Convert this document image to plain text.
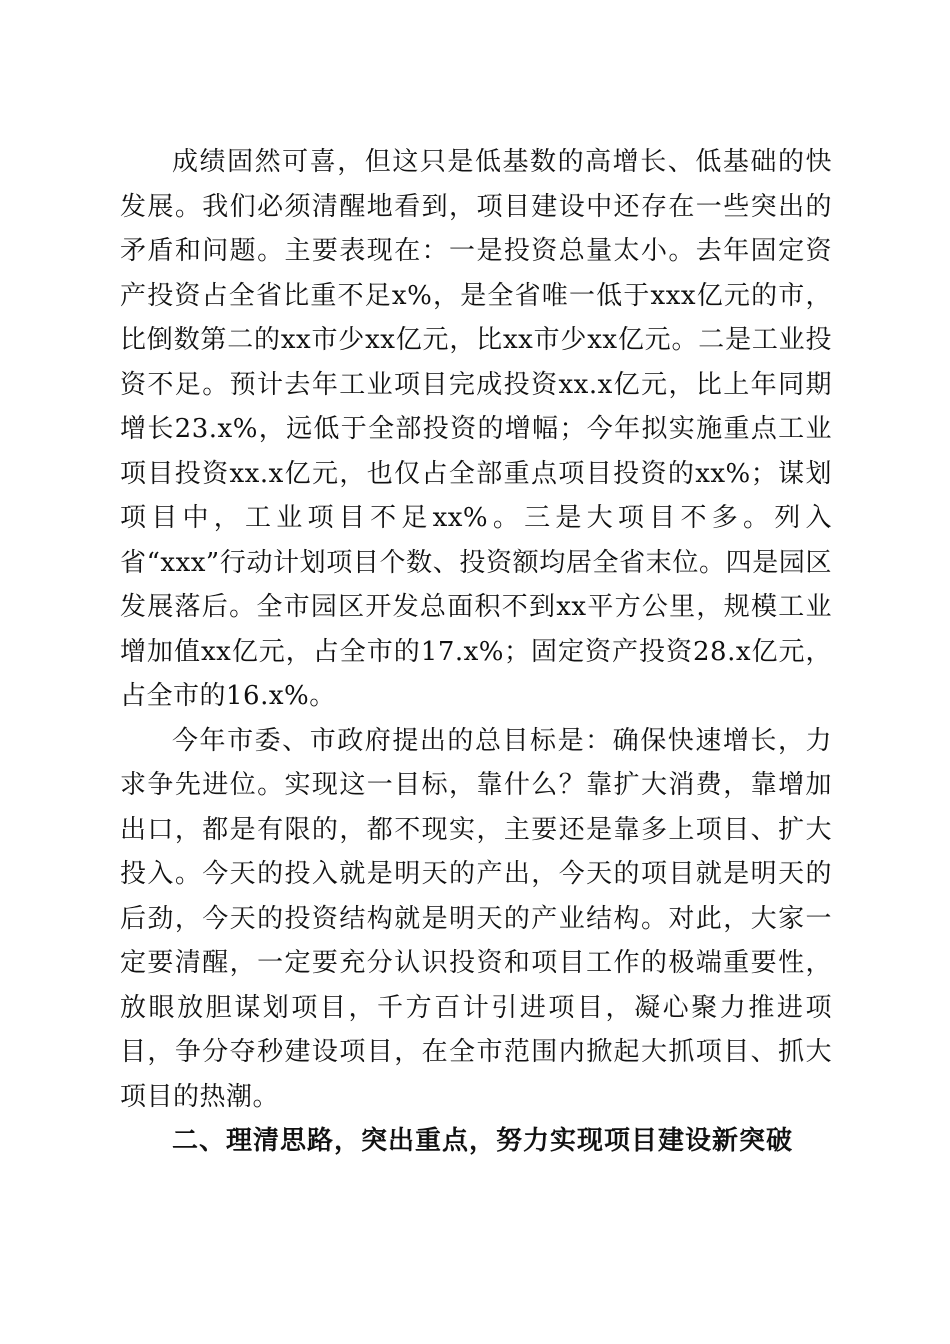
成绩固然可喜，但这只是低基数的高增长、低基础的快发展。我们必须清醒地看到，项目建设中还存在一些突出的矛盾和问题。主要表现在：一是投资总量太小。去年固定资产投资占全省比重不足x%，是全省唯一低于xxx亿元的市，比倒数第二的xx市少xx亿元，比xx市少xx亿元。二是工业投资不足。预计去年工业项目完成投资xx.x亿元，比上年同期增长23.x%，远低于全部投资的增幅；今年拟实施重点工业项目投资xx.x亿元，也仅占全部重点项目投资的xx%；谋划项目中，工业项目不足xx%。三是大项目不多。列入省“xxx”行动计划项目个数、投资额均居全省末位。四是园区发展落后。全市园区开发总面积不到xx平方公里，规模工业增加值xx亿元，占全市的17.x%；固定资产投资28.x亿元，占全市的16.x%。

今年市委、市政府提出的总目标是：确保快速增长，力求争先进位。实现这一目标，靠什么？靠扩大消费，靠增加出口，都是有限的，都不现实，主要还是靠多上项目、扩大投入。今天的投入就是明天的产出，今天的项目就是明天的后劲，今天的投资结构就是明天的产业结构。对此，大家一定要清醒，一定要充分认识投资和项目工作的极端重要性，放眼放胆谋划项目，千方百计引进项目，凝心聚力推进项目，争分夺秒建设项目，在全市范围内掀起大抓项目、抓大项目的热潮。

二、理清思路，突出重点，努力实现项目建设新突破
